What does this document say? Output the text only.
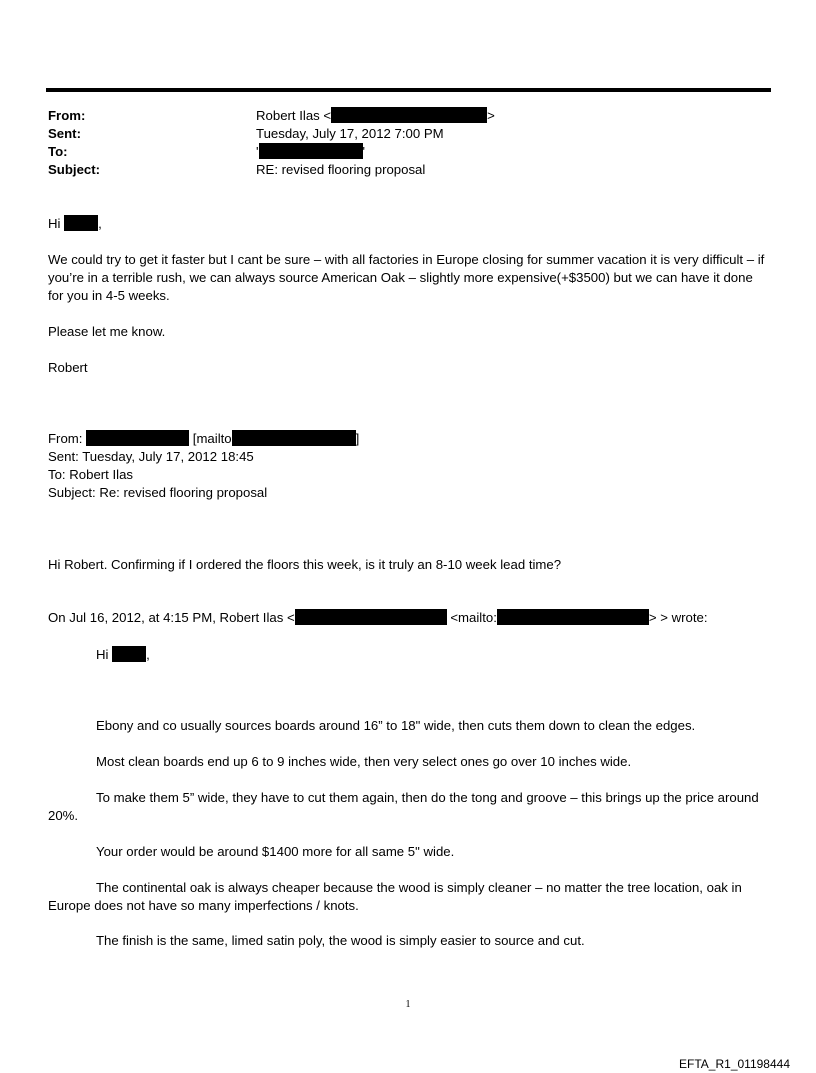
From:	Robert Ilas <	>
Sent:	Tuesday, July 17, 2012 7:00 PM
To:	'	'
Subject:	RE: revised flooring proposal
Hi	,
We could try to get it faster but I cant be sure – with all factories in Europe closing for summer vacation it is very difficult – if you’re in a terrible rush, we can always source American Oak – slightly more expensive(+$3500) but we can have it done for you in 4-5 weeks.
Please let me know.
Robert
From:	[mailto	]
Sent: Tuesday, July 17, 2012 18:45
To: Robert Ilas
Subject: Re: revised flooring proposal
Hi Robert. Confirming if I ordered the floors this week, is it truly an 8-10 week lead time?
On Jul 16, 2012, at 4:15 PM, Robert Ilas <	<mailto:	> > wrote:
Hi	,
Ebony and co usually sources boards around 16” to 18" wide, then cuts them down to clean the edges.
Most clean boards end up 6 to 9 inches wide, then very select ones go over 10 inches wide.
To make them 5” wide, they have to cut them again, then do the tong and groove – this brings up the price around 20%.
Your order would be around $1400 more for all same 5" wide.
The continental oak is always cheaper because the wood is simply cleaner – no matter the tree location, oak in Europe does not have so many imperfections / knots.
The finish is the same, limed satin poly, the wood is simply easier to source and cut.
1
EFTA_R1_01198444
